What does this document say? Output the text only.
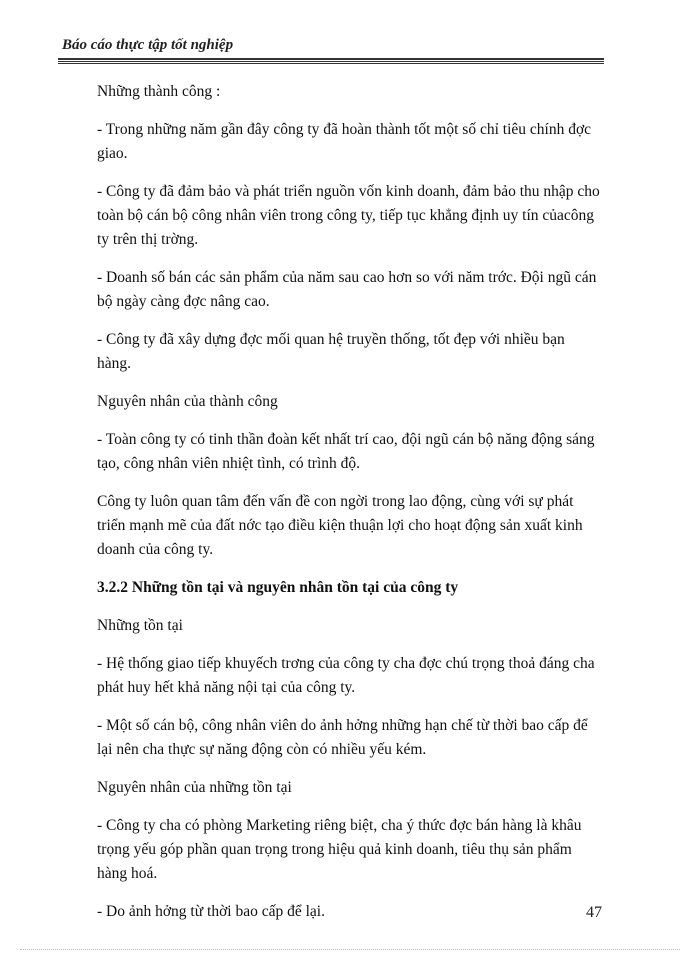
Báo cáo thực tập tốt nghiệp

Những thành công :

- Trong những năm gần đây công ty đã hoàn thành tốt một số chỉ tiêu chính đợc giao.

- Công ty đã đảm bảo và phát triển nguồn vốn kinh doanh, đảm bảo thu nhập cho toàn bộ cán bộ công nhân viên trong công ty, tiếp tục khẳng định uy tín củacông ty trên thị trờng.

- Doanh số bán các sản phẩm của năm sau cao hơn so với năm trớc. Đội ngũ cán bộ ngày càng đợc nâng cao.

- Công ty đã xây dựng đợc mối quan hệ truyền thống, tốt đẹp với nhiều bạn hàng.

Nguyên nhân của thành công

- Toàn công ty có tinh thần đoàn kết nhất trí cao, đội ngũ cán bộ năng động sáng tạo, công nhân viên nhiệt tình, có trình độ.

Công ty luôn quan tâm đến vấn đề con ngời trong lao động, cùng với sự phát triển mạnh mẽ của đất nớc tạo điều kiện thuận lợi cho hoạt động sản xuất kinh doanh của công ty.

3.2.2 Những tồn tại và nguyên nhân tồn tại của công ty

Những tồn tại

- Hệ thống giao tiếp khuyếch trơng của công ty cha đợc chú trọng thoả đáng cha phát huy hết khả năng nội tại của công ty.

- Một số cán bộ, công nhân viên do ảnh hởng những hạn chế từ thời bao cấp để lại nên cha thực sự năng động còn có nhiều yếu kém.

Nguyên nhân của những tồn tại

- Công ty cha có phòng Marketing riêng biệt, cha ý thức đợc bán hàng là khâu trọng yếu góp phần quan trọng trong hiệu quả kinh doanh, tiêu thụ sản phẩm hàng hoá.

- Do ảnh hởng từ thời bao cấp để lại.	47
